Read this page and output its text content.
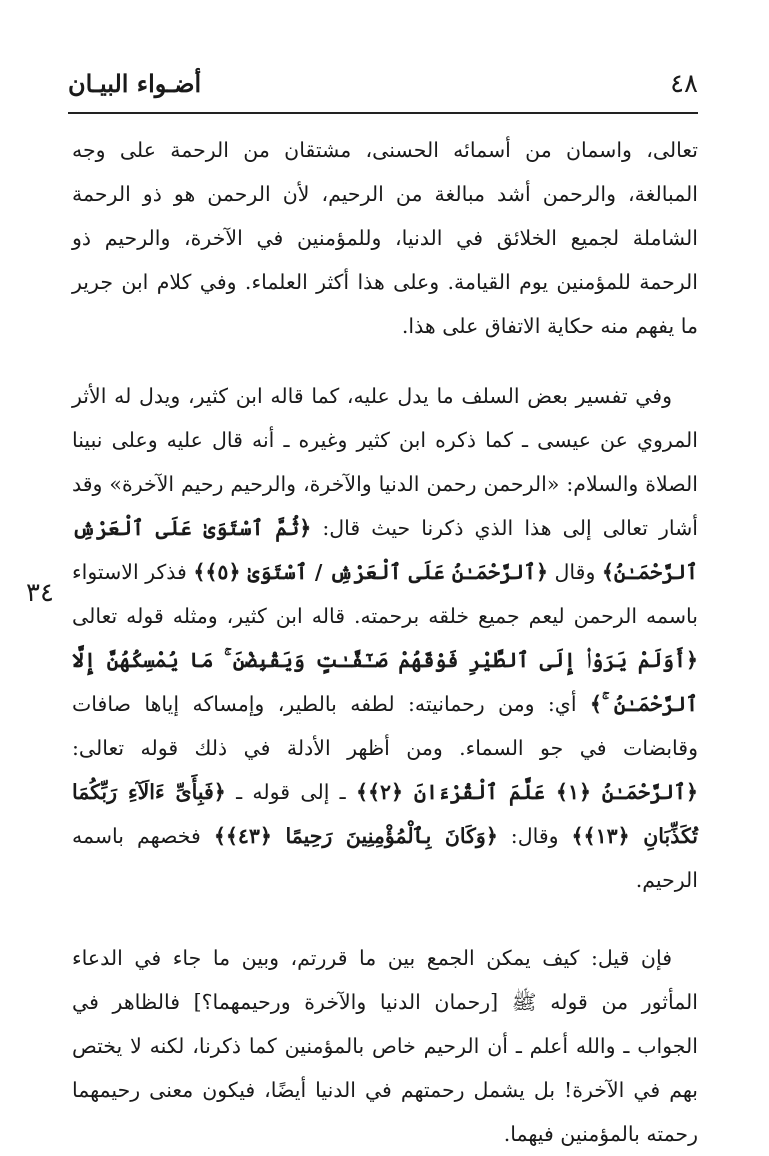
٤٨
أضـواء البيـان
٣٤

تعالى، واسمان من أسمائه الحسنى، مشتقان من الرحمة على وجه المبالغة، والرحمن أشد مبالغة من الرحيم، لأن الرحمن هو ذو الرحمة الشاملة لجميع الخلائق في الدنيا، وللمؤمنين في الآخرة، والرحيم ذو الرحمة للمؤمنين يوم القيامة. وعلى هذا أكثر العلماء. وفي كلام ابن جرير ما يفهم منه حكاية الاتفاق على هذا.

وفي تفسير بعض السلف ما يدل عليه، كما قاله ابن كثير، ويدل له الأثر المروي عن عيسى ـ كما ذكره ابن كثير وغيره ـ أنه قال عليه وعلى نبينا الصلاة والسلام: «الرحمن رحمن الدنيا والآخرة، والرحيم رحيم الآخرة» وقد أشار تعالى إلى هذا الذي ذكرنا حيث قال: ﴿ثُمَّ ٱسْتَوَىٰ عَلَى ٱلْعَرْشِ ٱلرَّحْمَـٰنُ﴾ وقال ﴿ٱلرَّحْمَـٰنُ عَلَى ٱلْعَرْشِ / ٱسْتَوَىٰ ﴿٥﴾﴾ فذكر الاستواء باسمه الرحمن ليعم جميع خلقه برحمته. قاله ابن كثير، ومثله قوله تعالى ﴿أَوَلَمْ يَرَوْا۟ إِلَى ٱلطَّيْرِ فَوْقَهُمْ صَـٰٓفَّـٰتٍ وَيَقْبِضْنَ ۚ مَا يُمْسِكُهُنَّ إِلَّا ٱلرَّحْمَـٰنُ ۚ﴾ أي: ومن رحمانيته: لطفه بالطير، وإمساكه إياها صافات وقابضات في جو السماء. ومن أظهر الأدلة في ذلك قوله تعالى: ﴿ٱلرَّحْمَـٰنُ ﴿١﴾ عَلَّمَ ٱلْقُرْءَانَ ﴿٢﴾﴾ ـ إلى قوله ـ ﴿فَبِأَىِّ ءَالَآءِ رَبِّكُمَا تُكَذِّبَانِ ﴿١٣﴾﴾ وقال: ﴿وَكَانَ بِٱلْمُؤْمِنِينَ رَحِيمًا ﴿٤٣﴾﴾ فخصهم باسمه الرحيم.

فإن قيل: كيف يمكن الجمع بين ما قررتم، وبين ما جاء في الدعاء المأثور من قوله ﷺ [رحمان الدنيا والآخرة ورحيمهما؟] فالظاهر في الجواب ـ والله أعلم ـ أن الرحيم خاص بالمؤمنين كما ذكرنا، لكنه لا يختص بهم في الآخرة! بل يشمل رحمتهم في الدنيا أيضًا، فيكون معنى رحيمهما رحمته بالمؤمنين فيهما.
